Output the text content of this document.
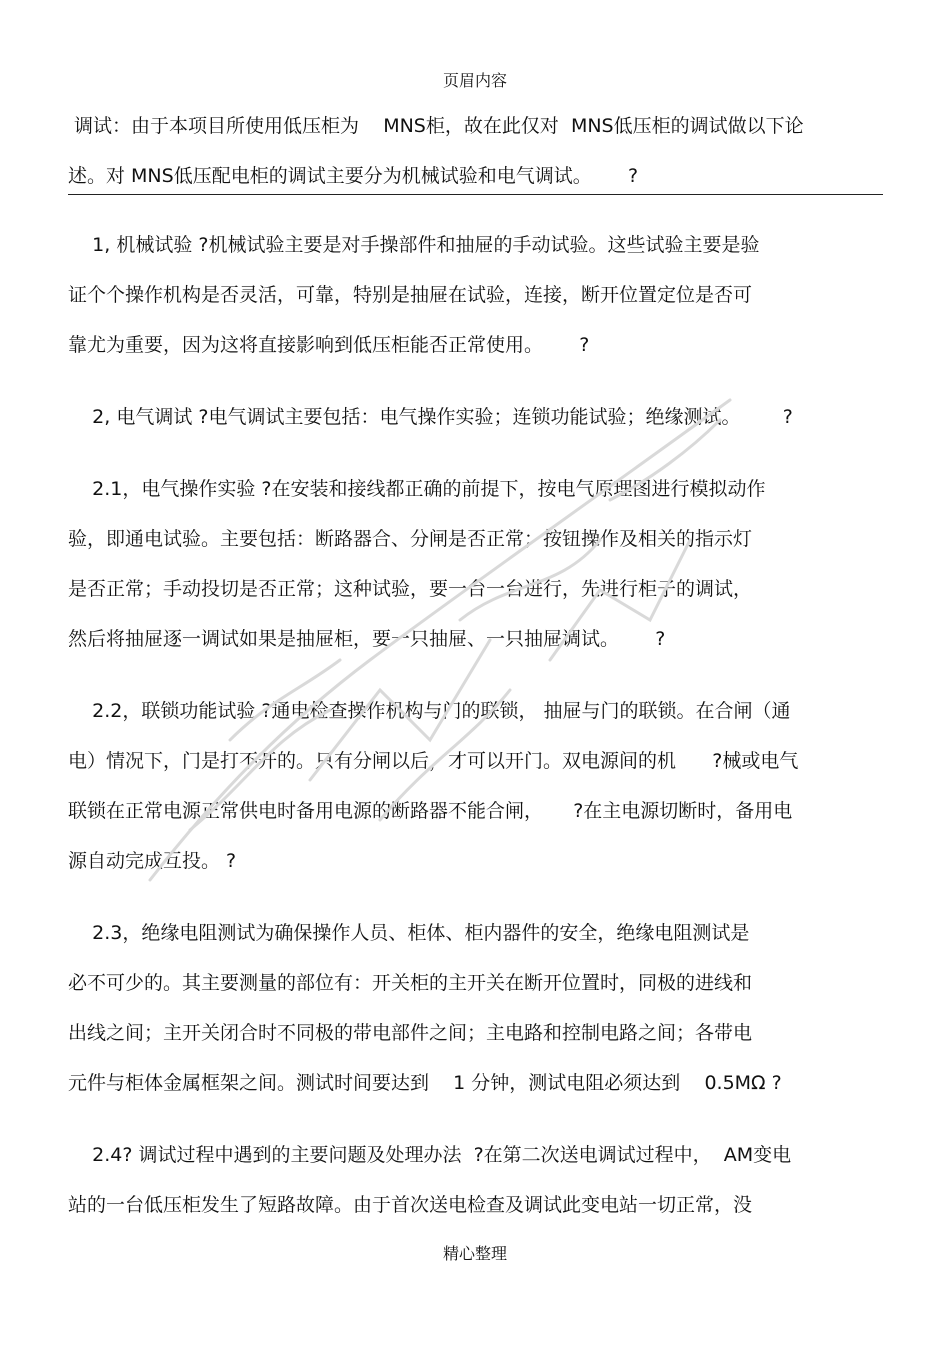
页眉内容
调试：由于本项目所使用低压柜为    MNS柜，故在此仅对  MNS低压柜的调试做以下论
述。对 MNS低压配电柜的调试主要分为机械试验和电气调试。      ?
1, 机械试验 ?机械试验主要是对手操部件和抽屉的手动试验。这些试验主要是验
证个个操作机构是否灵活，可靠，特别是抽屉在试验，连接，断开位置定位是否可
靠尤为重要，因为这将直接影响到低压柜能否正常使用。      ?
2, 电气调试 ?电气调试主要包括：电气操作实验；连锁功能试验；绝缘测试。       ?
2.1，电气操作实验 ?在安装和接线都正确的前提下，按电气原理图进行模拟动作
验，即通电试验。主要包括：断路器合、分闸是否正常；按钮操作及相关的指示灯
是否正常；手动投切是否正常；这种试验，要一台一台进行，先进行柜子的调试，
然后将抽屉逐一调试如果是抽屉柜，要一只抽屉、一只抽屉调试。      ?
2.2，联锁功能试验 ?通电检查操作机构与门的联锁， 抽屉与门的联锁。在合闸（通
电）情况下，门是打不开的。只有分闸以后，才可以开门。双电源间的机      ?械或电气
联锁在正常电源正常供电时备用电源的断路器不能合闸，     ?在主电源切断时，备用电
源自动完成互投。 ?
2.3，绝缘电阻测试为确保操作人员、柜体、柜内器件的安全，绝缘电阻测试是
必不可少的。其主要测量的部位有：开关柜的主开关在断开位置时，同极的进线和
出线之间；主开关闭合时不同极的带电部件之间；主电路和控制电路之间；各带电
元件与柜体金属框架之间。测试时间要达到    1 分钟，测试电阻必须达到    0.5MΩ ?
2.4? 调试过程中遇到的主要问题及处理办法  ?在第二次送电调试过程中，  AM变电
站的一台低压柜发生了短路故障。由于首次送电检查及调试此变电站一切正常，没
精心整理
